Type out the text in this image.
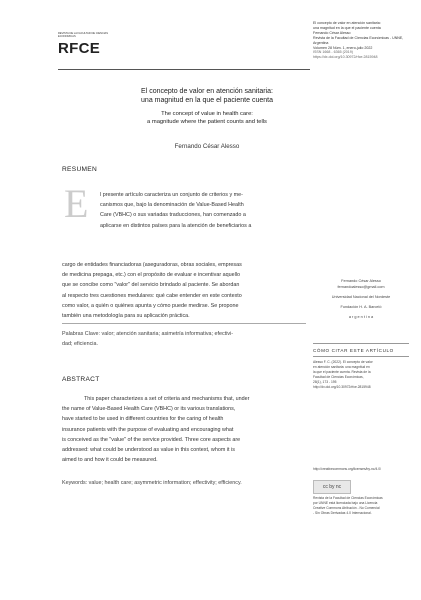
REVISTA DE LA FACULTAD DE CIENCIAS ECONOMICAS
RFCE
El concepto de valor en atención sanitaria:
una magnitud en la que el paciente cuenta
Fernando César Alesso
Revista de la Facultad de Ciencias Económicas - UNNE, Argentina
Volumen 28 Núm. 1, enero-julio 2022
ISSN 1668 - 6365 (2019)
https://dx.doi.org/10.30972/rfce.2815948
El concepto de valor en atención sanitaria:
una magnitud en la que el paciente cuenta
The concept of value in health care:
a magnitude where the patient counts and tells
Fernando César Alesso
RESUMEN
E	l presente artículo caracteriza un conjunto de criterios y me-
canismos que, bajo la denominación de Value-Based Health
Care (VBHC) o sus variadas traducciones, han comenzado a
aplicarse en distintos países para la atención de beneficiarios a
cargo de entidades financiadoras (aseguradoras, obras sociales, empresas
de medicina prepaga, etc.) con el propósito de evaluar e incentivar aquello
que se concibe como "valor" del servicio brindado al paciente. Se abordan
al respecto tres cuestiones medulares: qué cabe entender en este contexto
como valor, a quién o quiénes apunta y cómo puede medirse. Se propone
también una metodología para su aplicación práctica.
Palabras Clave: valor; atención sanitaria; asimetría informativa; efectivi-
dad; eficiencia.
ABSTRACT
This paper characterizes a set of criteria and mechanisms that, under
the name of Value-Based Health Care (VBHC) or its various translations,
have started to be used in different countries for the caring of health
insurance patients with the purpose of evaluating and encouraging what
is conceived as the "value" of the service provided. Three core aspects are
addressed: what could be understood as value in this context, whom it is
aimed to and how it could be measured.
Keywords: value; health care; asymmetric information; effectivity; efficiency.
Fernando César Alesso
fernandoalesso@gmail.com
Universidad Nacional del Nordeste
Fundación H. A. Barceló
a r g e n t i n a
CÓMO CITAR ESTE ARTÍCULO
Alesso F. C. (2022). El concepto de valor
en atención sanitaria: una magnitud en
la que el paciente cuenta. Revista de la
Facultad de Ciencias Económicas,
28(1), 173 - 195
http://dx.doi.org/10.30972/rfce.2815948
http://creativecommons.org/licenses/by-nc/4.0/
cc by nc
Revista de la Facultad de Ciencias Económicas
por UNNE está licenciada bajo una Licencia
Creative Commons Atribución - No Comercial
- Sin Obras Derivadas 4.0 Internacional.
